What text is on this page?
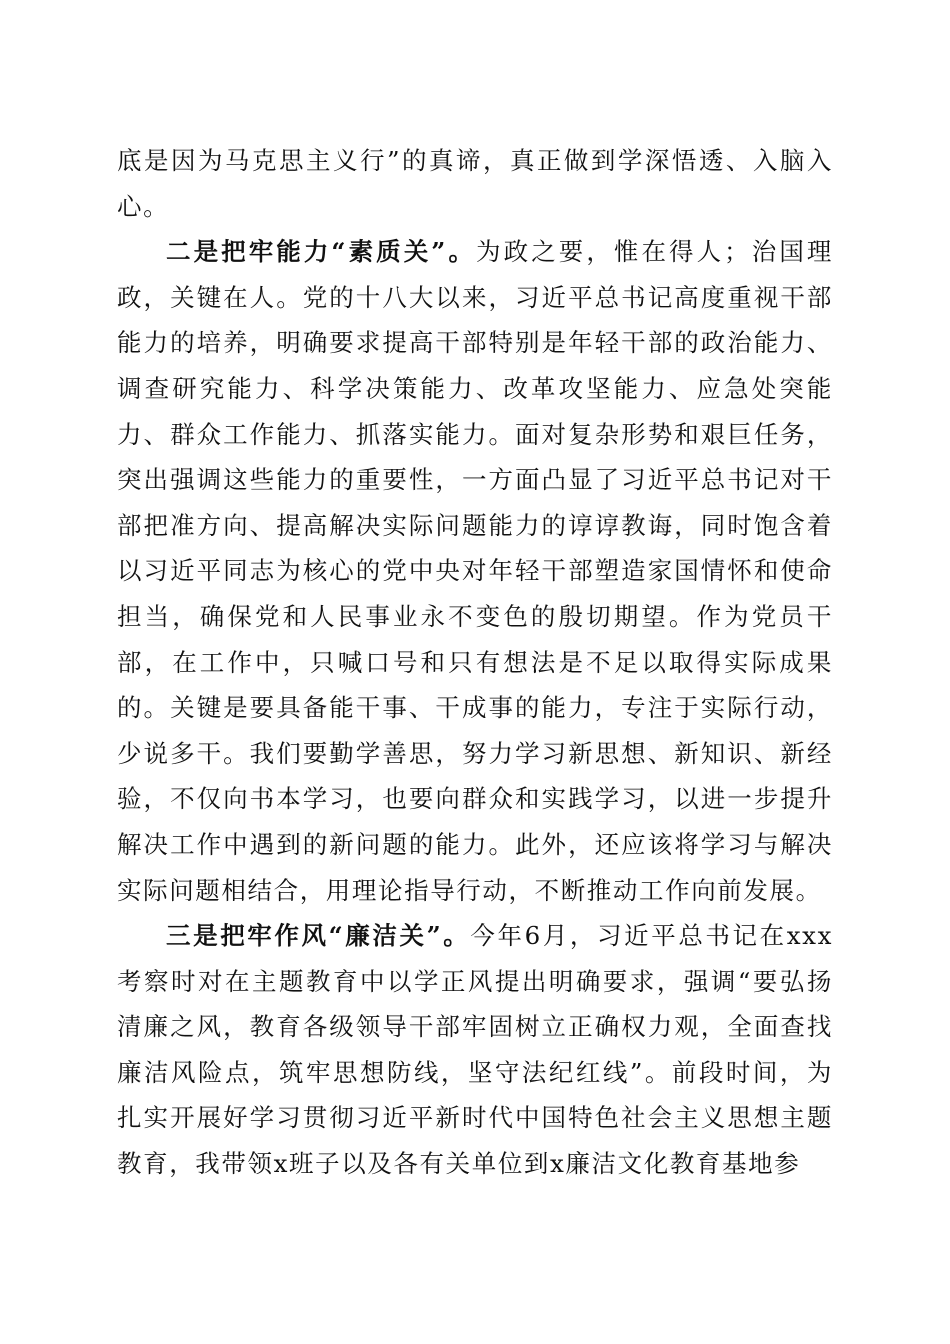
底是因为马克思主义行”的真谛，真正做到学深悟透、入脑入心。

二是把牢能力“素质关”。为政之要，惟在得人；治国理政，关键在人。党的十八大以来，习近平总书记高度重视干部能力的培养，明确要求提高干部特别是年轻干部的政治能力、调查研究能力、科学决策能力、改革攻坚能力、应急处突能力、群众工作能力、抓落实能力。面对复杂形势和艰巨任务，突出强调这些能力的重要性，一方面凸显了习近平总书记对干部把准方向、提高解决实际问题能力的谆谆教诲，同时饱含着以习近平同志为核心的党中央对年轻干部塑造家国情怀和使命担当，确保党和人民事业永不变色的殷切期望。作为党员干部，在工作中，只喊口号和只有想法是不足以取得实际成果的。关键是要具备能干事、干成事的能力，专注于实际行动，少说多干。我们要勤学善思，努力学习新思想、新知识、新经验，不仅向书本学习，也要向群众和实践学习，以进一步提升解决工作中遇到的新问题的能力。此外，还应该将学习与解决实际问题相结合，用理论指导行动，不断推动工作向前发展。

三是把牢作风“廉洁关”。今年6月，习近平总书记在xxx考察时对在主题教育中以学正风提出明确要求，强调“要弘扬清廉之风，教育各级领导干部牢固树立正确权力观，全面查找廉洁风险点，筑牢思想防线，坚守法纪红线”。前段时间，为扎实开展好学习贯彻习近平新时代中国特色社会主义思想主题教育，我带领x班子以及各有关单位到x廉洁文化教育基地参
